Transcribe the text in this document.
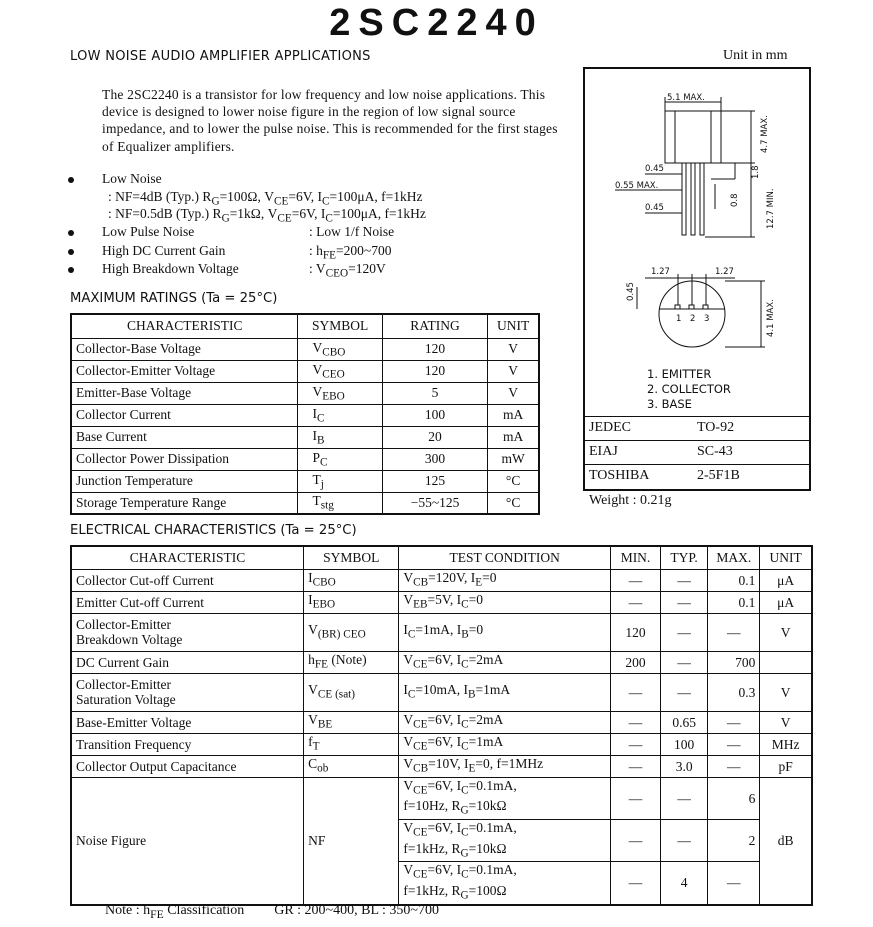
2SC2240
LOW NOISE AUDIO AMPLIFIER APPLICATIONS	Unit in mm
The 2SC2240 is a transistor for low frequency and low noise applications. This device is designed to lower noise figure in the region of low signal source impedance, and to lower the pulse noise. This is recommended for the first stages of Equalizer amplifiers.
Low Noise
: NF=4dB (Typ.) $R_G=100\Omega$, $V_{CE}=6V$, $I_C=100\mu A$, f=1kHz
: NF=0.5dB (Typ.) $R_G=1k\Omega$, $V_{CE}=6V$, $I_C=100\mu A$, f=1kHz
Low Pulse Noise	: Low 1/f Noise
High DC Current Gain	: $h_{FE}=200\sim 700$
High Breakdown Voltage	: $V_{CEO}=120V$
MAXIMUM RATINGS (Ta = 25°C)
CHARACTERISTIC	SYMBOL	RATING	UNIT
Collector-Base Voltage	$V_{CBO}$	120	V
Collector-Emitter Voltage	$V_{CEO}$	120	V
Emitter-Base Voltage	$V_{EBO}$	5	V
Collector Current	$I_C$	100	mA
Base Current	$I_B$	20	mA
Collector Power Dissipation	$P_C$	300	mW
Junction Temperature	$T_j$	125	°C
Storage Temperature Range	$T_{stg}$	−55~125	°C
ELECTRICAL CHARACTERISTICS (Ta = 25°C)
CHARACTERISTIC	SYMBOL	TEST CONDITION	MIN.	TYP.	MAX.	UNIT
Collector Cut-off Current	$I_{CBO}$	$V_{CB}=120V$, $I_E=0$	—	—	0.1	μA
Emitter Cut-off Current	$I_{EBO}$	$V_{EB}=5V$, $I_C=0$	—	—	0.1	μA
Collector-Emitter
Breakdown Voltage	$V_{(BR) CEO}$	$I_C=1mA$, $I_B=0$	120	—	—	V
DC Current Gain	$h_{FE}$ (Note)	$V_{CE}=6V$, $I_C=2mA$	200	—	700	
Collector-Emitter
Saturation Voltage	$V_{CE (sat)}$	$I_C=10mA$, $I_B=1mA$	—	—	0.3	V
Base-Emitter Voltage	$V_{BE}$	$V_{CE}=6V$, $I_C=2mA$	—	0.65	—	V
Transition Frequency	$f_T$	$V_{CE}=6V$, $I_C=1mA$	—	100	—	MHz
Collector Output Capacitance	$C_{ob}$	$V_{CB}=10V$, $I_E=0$, f=1MHz	—	3.0	—	pF
Noise Figure	NF	$V_{CE}=6V$, $I_C=0.1mA$,
f=10Hz, $R_G=10k\Omega$	—	—	6	dB
		$V_{CE}=6V$, $I_C=0.1mA$,
f=1kHz, $R_G=10k\Omega$	—	—	2	
		$V_{CE}=6V$, $I_C=0.1mA$,
f=1kHz, $R_G=100\Omega$	—	4	—	
5.1 MAX.
4.7 MAX.
0.45
0.55 MAX.
0.45
1.8
0.8	12.7 MIN.
1.27	1.27
0.45
4.1 MAX.
1 2 3
JEDEC	TO-92
EIAJ	SC-43
TOSHIBA	2-5F1B
1. EMITTER
2. COLLECTOR
3. BASE
Weight : 0.21g
Note : $h_{FE}$ Classification GR : 200~400, BL : 350~700
